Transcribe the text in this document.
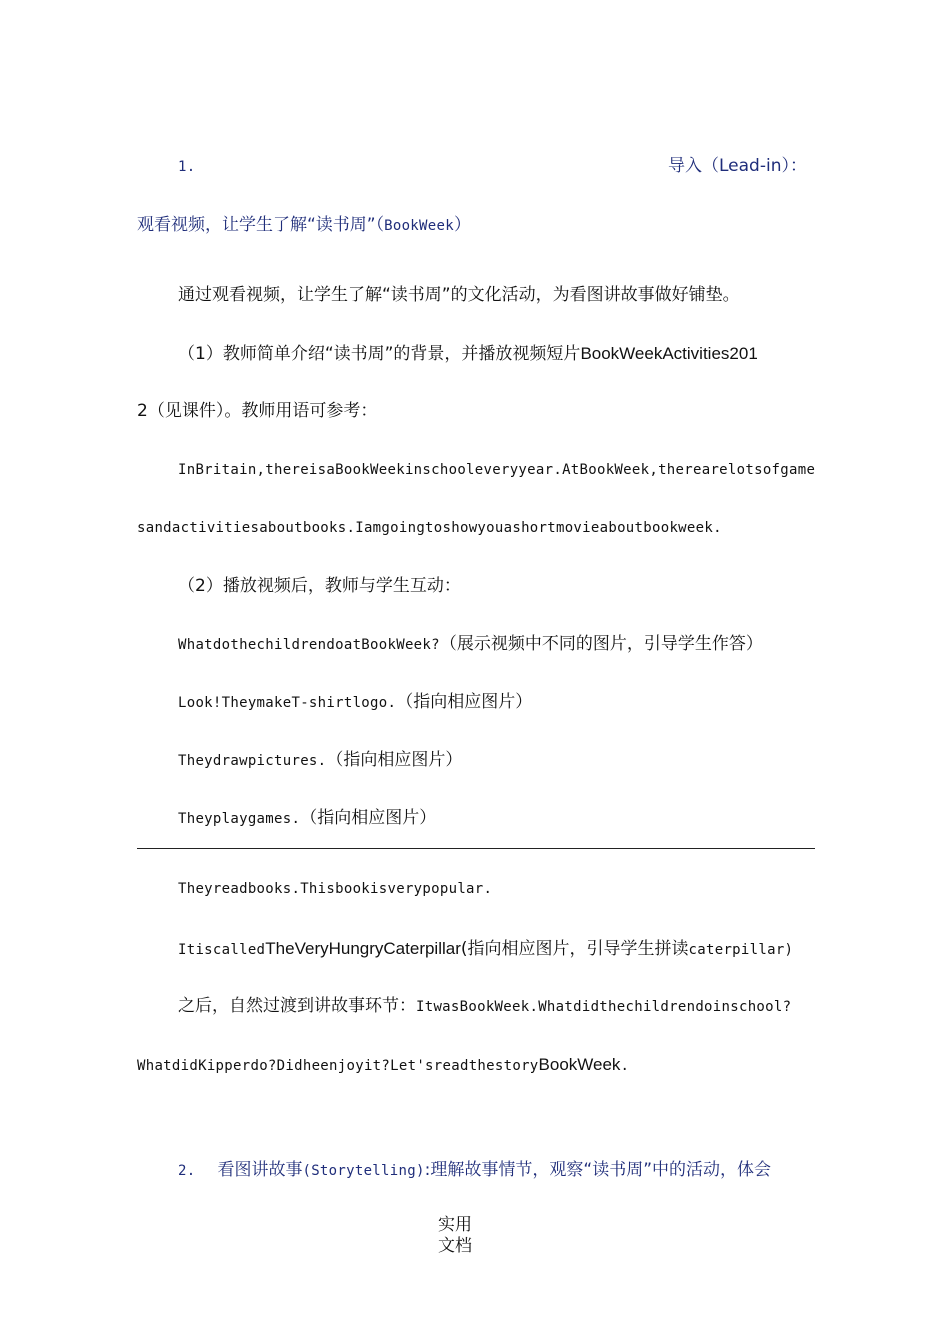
1.	导入（Lead-in）：
观看视频，让学生了解“读书周”（BookWeek）
通过观看视频，让学生了解“读书周”的文化活动，为看图讲故事做好铺垫。
（1）教师简单介绍“读书周”的背景，并播放视频短片BookWeekActivities201
2（见课件）。教师用语可参考：
InBritain,thereisaBookWeekinschooleveryyear.AtBookWeek,therearelotsofgame
sandactivitiesaboutbooks.Iamgoingtoshowyouashortmovieaboutbookweek.
（2）播放视频后，教师与学生互动：
WhatdothechildrendoatBookWeek?（展示视频中不同的图片，引导学生作答）
Look!TheymakeT-shirtlogo.（指向相应图片）
Theydrawpictures.（指向相应图片）
Theyplaygames.（指向相应图片）
Theyreadbooks.Thisbookisverypopular.
ItiscalledTheVeryHungryCaterpillar(指向相应图片，引导学生拼读caterpillar)
之后，自然过渡到讲故事环节：ItwasBookWeek.Whatdidthechildrendoinschool?
WhatdidKipperdo?Didheenjoyit?Let'sreadthestoryBookWeek.
2. 看图讲故事(Storytelling):理解故事情节，观察“读书周”中的活动，体会
实用
文档
